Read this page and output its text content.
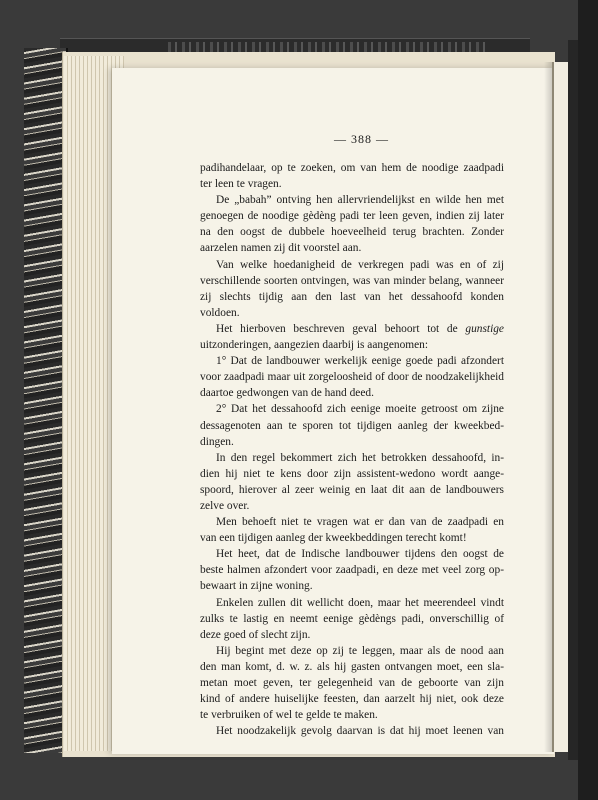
— 388 —
padihandelaar, op te zoeken, om van hem de noodige zaadpadi
ter leen te vragen.
De „babah” ontving hen allervriendelijkst en wilde hen met
genoegen de noodige gèdèng padi ter leen geven, indien zij later
na den oogst de dubbele hoeveelheid terug brachten. Zonder
aarzelen namen zij dit voorstel aan.
Van welke hoedanigheid de verkregen padi was en of zij
verschillende soorten ontvingen, was van minder belang, wanneer
zij slechts tijdig aan den last van het dessahoofd konden
voldoen.
Het hierboven beschreven geval behoort tot de gunstige
uitzonderingen, aangezien daarbij is aangenomen:
1° Dat de landbouwer werkelijk eenige goede padi afzondert
voor zaadpadi maar uit zorgeloosheid of door de noodzakelijkheid
daartoe gedwongen van de hand deed.
2° Dat het dessahoofd zich eenige moeite getroost om zijne
dessagenoten aan te sporen tot tijdigen aanleg der kweekbed-
dingen.
In den regel bekommert zich het betrokken dessahoofd, in-
dien hij niet te kens door zijn assistent-wedono wordt aange-
spoord, hierover al zeer weinig en laat dit aan de landbouwers
zelve over.
Men behoeft niet te vragen wat er dan van de zaadpadi en
van een tijdigen aanleg der kweekbeddingen terecht komt!
Het heet, dat de Indische landbouwer tijdens den oogst de
beste halmen afzondert voor zaadpadi, en deze met veel zorg op-
bewaart in zijne woning.
Enkelen zullen dit wellicht doen, maar het meerendeel vindt
zulks te lastig en neemt eenige gèdèngs padi, onverschillig of
deze goed of slecht zijn.
Hij begint met deze op zij te leggen, maar als de nood aan
den man komt, d. w. z. als hij gasten ontvangen moet, een sla-
metan moet geven, ter gelegenheid van de geboorte van zijn
kind of andere huiselijke feesten, dan aarzelt hij niet, ook deze
te verbruiken of wel te gelde te maken.
Het noodzakelijk gevolg daarvan is dat hij moet leenen van
